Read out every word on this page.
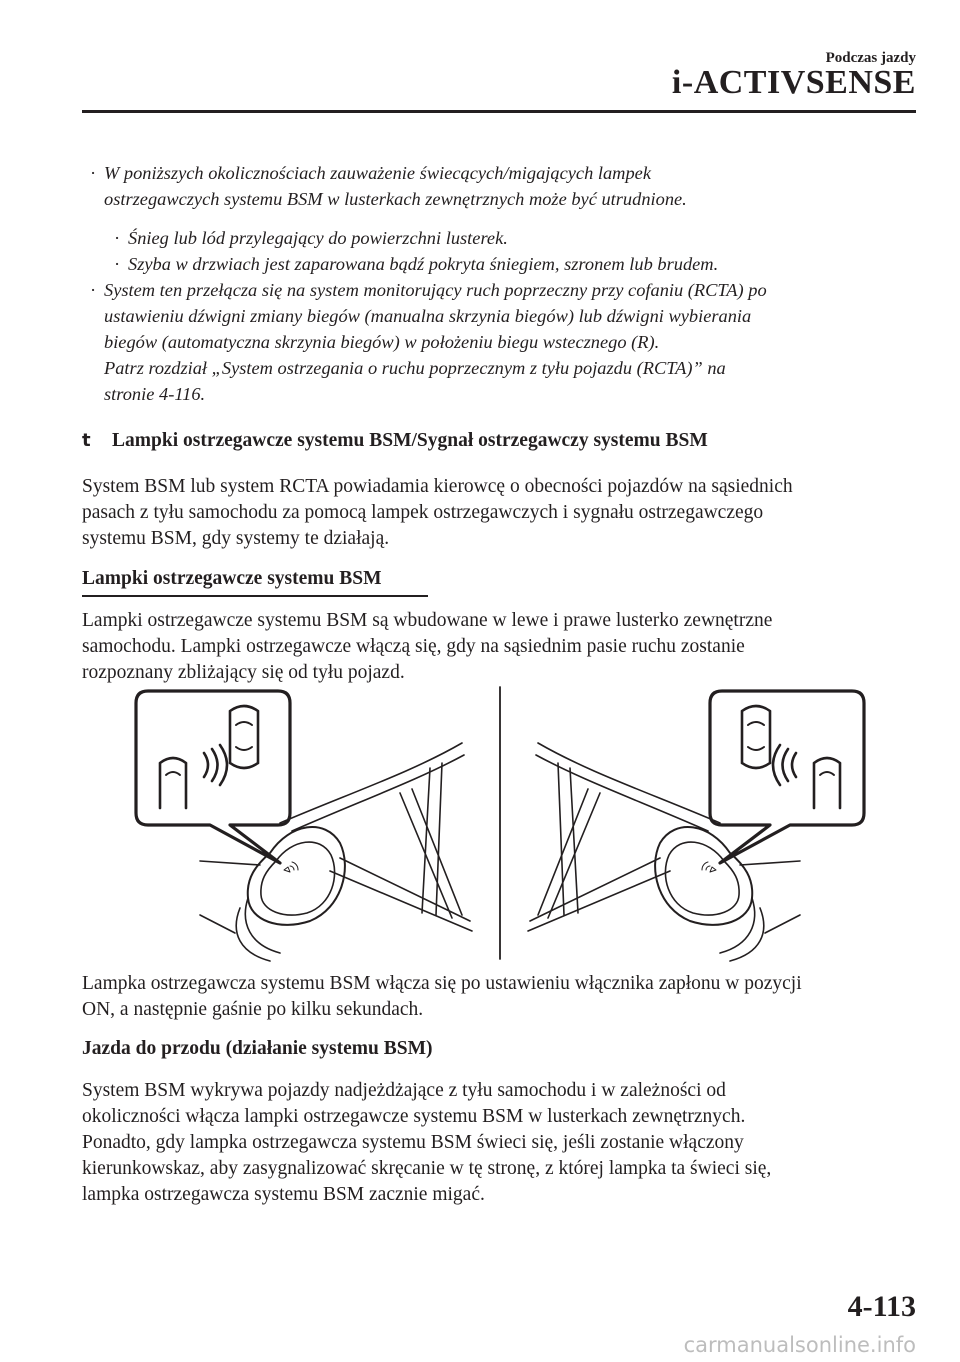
Podczas jazdy
i-ACTIVSENSE
· W poniższych okolicznościach zauważenie świecących/migających lampek
ostrzegawczych systemu BSM w lusterkach zewnętrznych może być utrudnione.
· Śnieg lub lód przylegający do powierzchni lusterek.
· Szyba w drzwiach jest zaparowana bądź pokryta śniegiem, szronem lub brudem.
· System ten przełącza się na system monitorujący ruch poprzeczny przy cofaniu (RCTA) po
ustawieniu dźwigni zmiany biegów (manualna skrzynia biegów) lub dźwigni wybierania
biegów (automatyczna skrzynia biegów) w położeniu biegu wstecznego (R).
Patrz rozdział „System ostrzegania o ruchu poprzecznym z tyłu pojazdu (RCTA)” na
stronie 4-116.
t Lampki ostrzegawcze systemu BSM/Sygnał ostrzegawczy systemu BSM
System BSM lub system RCTA powiadamia kierowcę o obecności pojazdów na sąsiednich
pasach z tyłu samochodu za pomocą lampek ostrzegawczych i sygnału ostrzegawczego
systemu BSM, gdy systemy te działają.
Lampki ostrzegawcze systemu BSM
Lampki ostrzegawcze systemu BSM są wbudowane w lewe i prawe lusterko zewnętrzne
samochodu. Lampki ostrzegawcze włączą się, gdy na sąsiednim pasie ruchu zostanie
rozpoznany zbliżający się od tyłu pojazd.
Lampka ostrzegawcza systemu BSM włącza się po ustawieniu włącznika zapłonu w pozycji
ON, a następnie gaśnie po kilku sekundach.
Jazda do przodu (działanie systemu BSM)
System BSM wykrywa pojazdy nadjeżdżające z tyłu samochodu i w zależności od
okoliczności włącza lampki ostrzegawcze systemu BSM w lusterkach zewnętrznych.
Ponadto, gdy lampka ostrzegawcza systemu BSM świeci się, jeśli zostanie włączony
kierunkowskaz, aby zasygnalizować skręcanie w tę stronę, z której lampka ta świeci się,
lampka ostrzegawcza systemu BSM zacznie migać.
4-113
carmanualsonline.info
